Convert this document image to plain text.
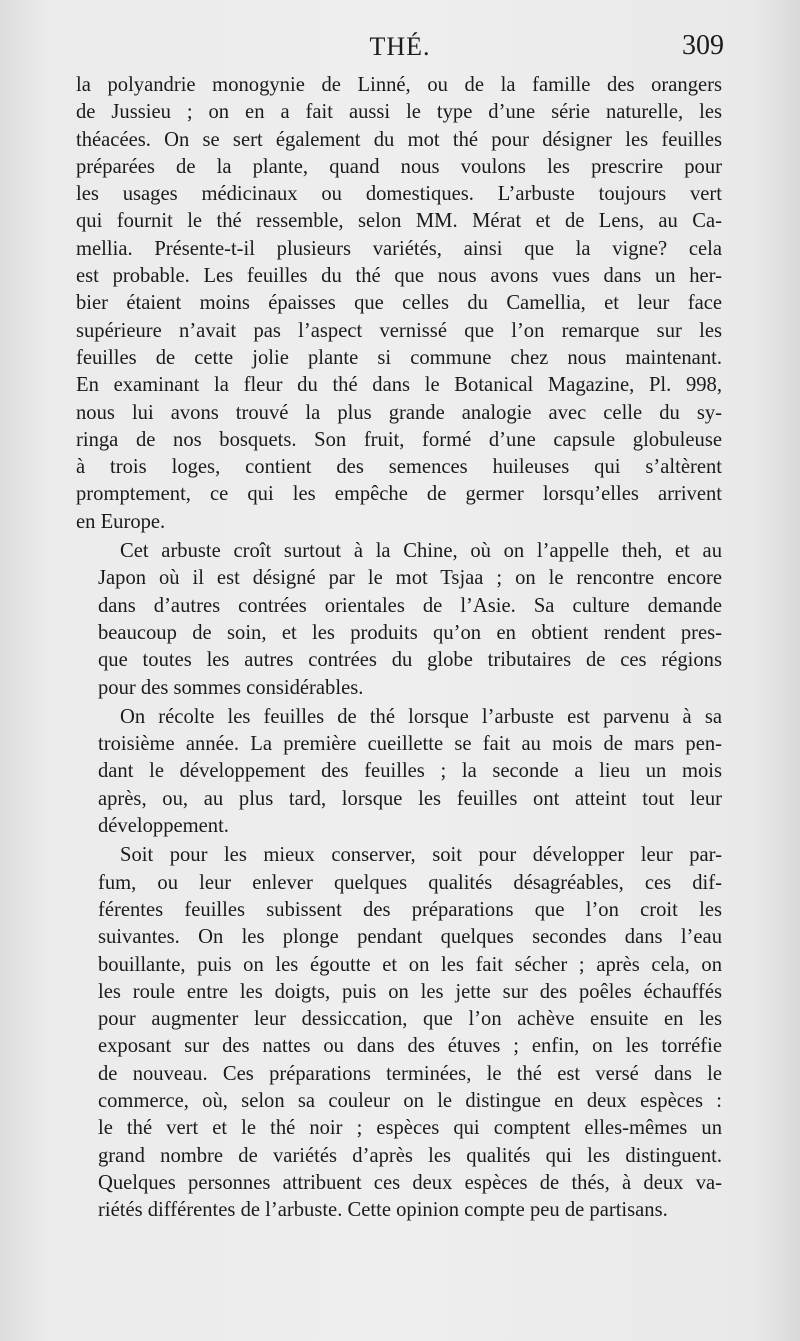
THÉ.	309
la polyandrie monogynie de Linné, ou de la famille des orangers
de Jussieu ; on en a fait aussi le type d’une série naturelle, les
théacées. On se sert également du mot thé pour désigner les feuilles
préparées de la plante, quand nous voulons les prescrire pour
les usages médicinaux ou domestiques. L’arbuste toujours vert
qui fournit le thé ressemble, selon MM. Mérat et de Lens, au Ca-
mellia. Présente-t-il plusieurs variétés, ainsi que la vigne? cela
est probable. Les feuilles du thé que nous avons vues dans un her-
bier étaient moins épaisses que celles du Camellia, et leur face
supérieure n’avait pas l’aspect vernissé que l’on remarque sur les
feuilles de cette jolie plante si commune chez nous maintenant.
En examinant la fleur du thé dans le Botanical Magazine, Pl. 998,
nous lui avons trouvé la plus grande analogie avec celle du sy-
ringa de nos bosquets. Son fruit, formé d’une capsule globuleuse
à trois loges, contient des semences huileuses qui s’altèrent
promptement, ce qui les empêche de germer lorsqu’elles arrivent
en Europe.
Cet arbuste croît surtout à la Chine, où on l’appelle theh, et au
Japon où il est désigné par le mot Tsjaa ; on le rencontre encore
dans d’autres contrées orientales de l’Asie. Sa culture demande
beaucoup de soin, et les produits qu’on en obtient rendent pres-
que toutes les autres contrées du globe tributaires de ces régions
pour des sommes considérables.
On récolte les feuilles de thé lorsque l’arbuste est parvenu à sa
troisième année. La première cueillette se fait au mois de mars pen-
dant le développement des feuilles ; la seconde a lieu un mois
après, ou, au plus tard, lorsque les feuilles ont atteint tout leur
développement.
Soit pour les mieux conserver, soit pour développer leur par-
fum, ou leur enlever quelques qualités désagréables, ces dif-
férentes feuilles subissent des préparations que l’on croit les
suivantes. On les plonge pendant quelques secondes dans l’eau
bouillante, puis on les égoutte et on les fait sécher ; après cela, on
les roule entre les doigts, puis on les jette sur des poêles échauffés
pour augmenter leur dessiccation, que l’on achève ensuite en les
exposant sur des nattes ou dans des étuves ; enfin, on les torréfie
de nouveau. Ces préparations terminées, le thé est versé dans le
commerce, où, selon sa couleur on le distingue en deux espèces :
le thé vert et le thé noir ; espèces qui comptent elles-mêmes un
grand nombre de variétés d’après les qualités qui les distinguent.
Quelques personnes attribuent ces deux espèces de thés, à deux va-
riétés différentes de l’arbuste. Cette opinion compte peu de partisans.
